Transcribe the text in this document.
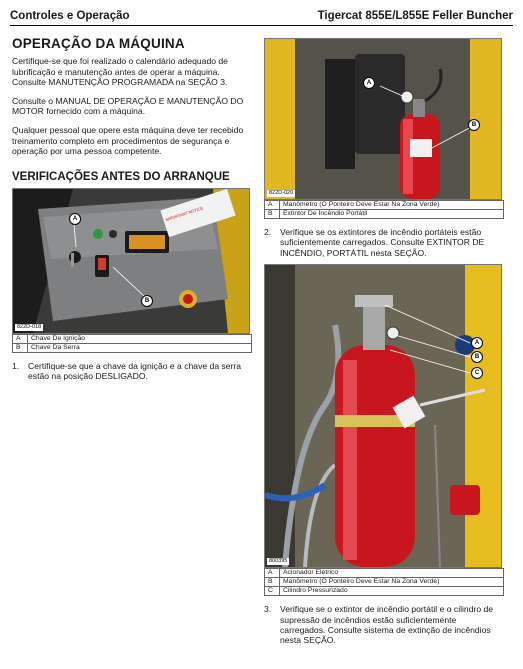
Controles e Operação	Tigercat 855E/L855E Feller Buncher
OPERAÇÃO DA MÁQUINA

Certifique-se que foi realizado o calendário adequado de lubrificação e manutenção antes de operar a máquina. Consulte MANUTENÇÃO PROGRAMADA na SEÇÃO 3.

Consulte o MANUAL DE OPERAÇÃO E MANUTENÇÃO DO MOTOR fornecido com a máquina.

Qualquer pessoal que opere esta máquina deve ter recebido treinamento completo em procedimentos de segurança e operação por uma pessoa competente.

VERIFICAÇÕES ANTES DO ARRANQUE
IMPORTANT NOTICE
A
B
822D-018
A	Chave De Ignição
B	Chave Da Serra
1. Certifique-se que a chave da ignição e a chave da serra estão na posição DESLIGADO.
A
B
822D-020
A	Manômetro (O Ponteiro Deve Estar Na Zona Verde)
B	Extintor De Incêndio Portátil
2. Verifique se os extintores de incêndio portáteis estão suficientemente carregados. Consulte EXTINTOR DE INCÊNDIO, PORTÁTIL nesta SEÇÃO.
A
B
C
800395
A	Acionador Elétrico
B	Manômetro (O Ponteiro Deve Estar Na Zona Verde)
C	Cilindro Pressurizado
3. Verifique se o extintor de incêndio portátil e o cilindro de supressão de incêndios estão suficientemente carregados. Consulte sistema de extinção de incêndios nesta SEÇÃO.
